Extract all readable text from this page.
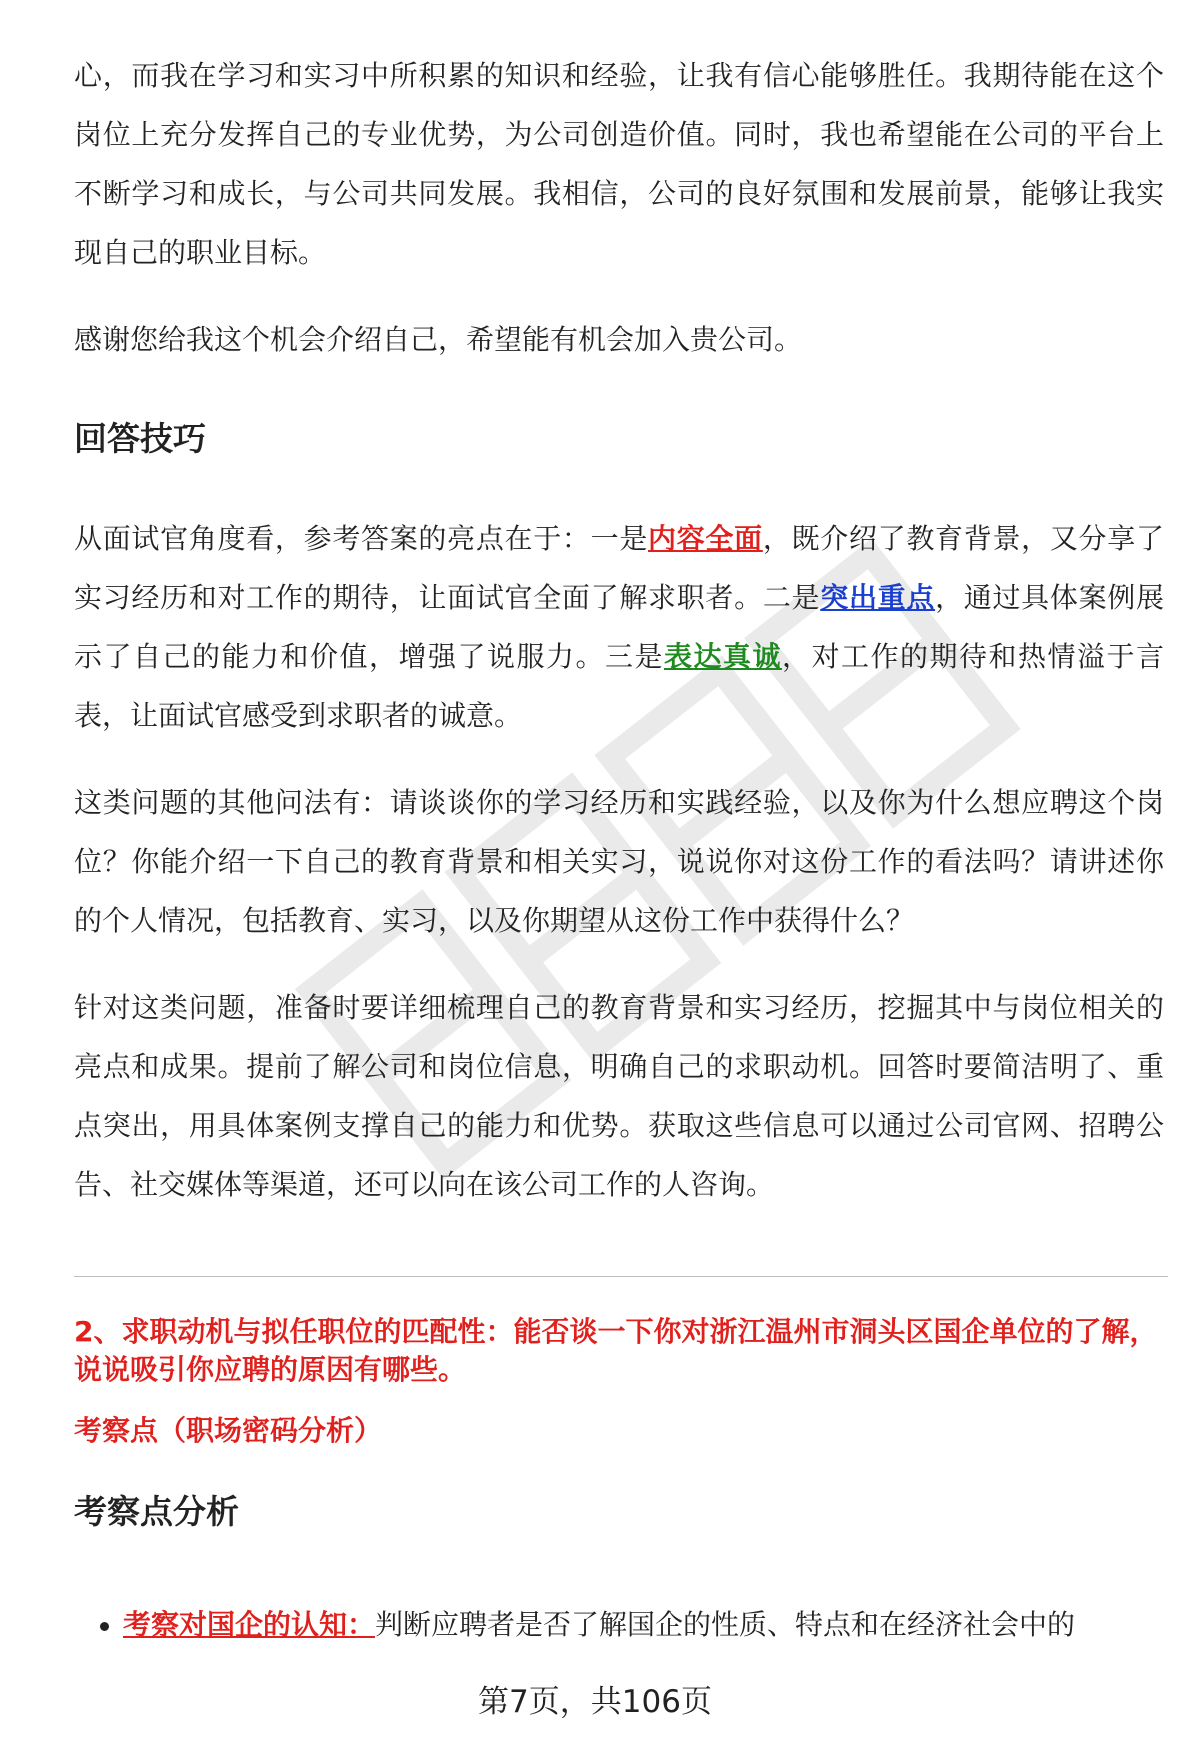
心，而我在学习和实习中所积累的知识和经验，让我有信心能够胜任。我期待能在这个岗位上充分发挥自己的专业优势，为公司创造价值。同时，我也希望能在公司的平台上不断学习和成长，与公司共同发展。我相信，公司的良好氛围和发展前景，能够让我实现自己的职业目标。

感谢您给我这个机会介绍自己，希望能有机会加入贵公司。

回答技巧

从面试官角度看，参考答案的亮点在于：一是内容全面，既介绍了教育背景，又分享了实习经历和对工作的期待，让面试官全面了解求职者。二是突出重点，通过具体案例展示了自己的能力和价值，增强了说服力。三是表达真诚，对工作的期待和热情溢于言表，让面试官感受到求职者的诚意。

这类问题的其他问法有：请谈谈你的学习经历和实践经验，以及你为什么想应聘这个岗位？你能介绍一下自己的教育背景和相关实习，说说你对这份工作的看法吗？请讲述你的个人情况，包括教育、实习，以及你期望从这份工作中获得什么？

针对这类问题，准备时要详细梳理自己的教育背景和实习经历，挖掘其中与岗位相关的亮点和成果。提前了解公司和岗位信息，明确自己的求职动机。回答时要简洁明了、重点突出，用具体案例支撑自己的能力和优势。获取这些信息可以通过公司官网、招聘公告、社交媒体等渠道，还可以向在该公司工作的人咨询。

2、求职动机与拟任职位的匹配性：能否谈一下你对浙江温州市洞头区国企单位的了解，说说吸引你应聘的原因有哪些。

考察点（职场密码分析）

考察点分析

考察对国企的认知：判断应聘者是否了解国企的性质、特点和在经济社会中的

第7页，共106页
